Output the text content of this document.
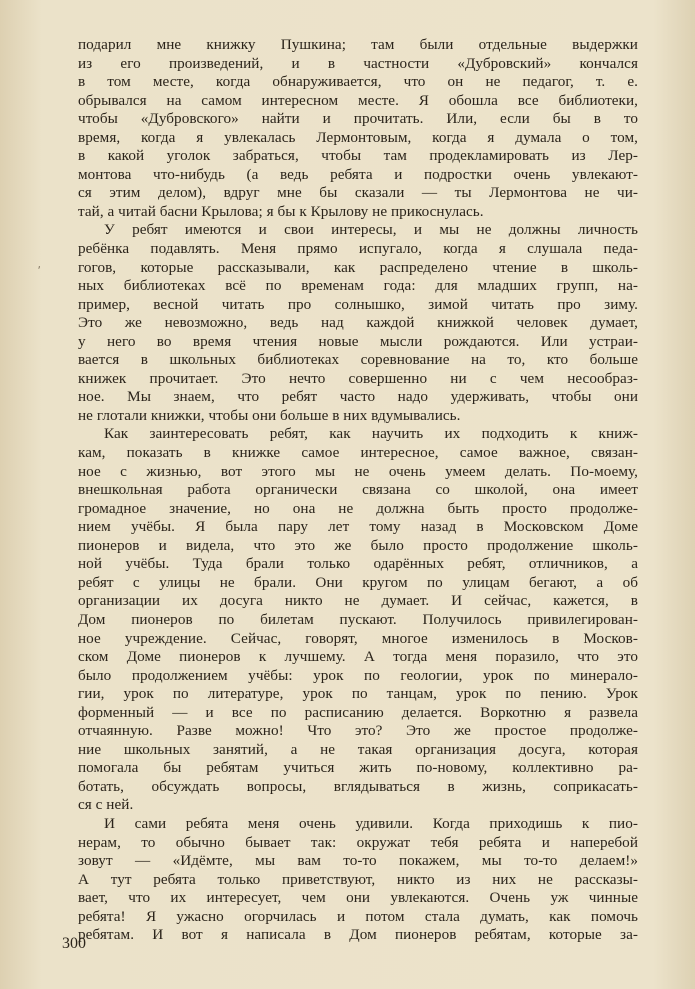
ʹ
подарил мне книжку Пушкина; там были отдельные выдержки
из его произведений, и в частности «Дубровский» кончался
в том месте, когда обнаруживается, что он не педагог, т. е.
обрывался на самом интересном месте. Я обошла все библиотеки,
чтобы «Дубровского» найти и прочитать. Или, если бы в то
время, когда я увлекалась Лермонтовым, когда я думала о том,
в какой уголок забраться, чтобы там продекламировать из Лер-
монтова что-нибудь (а ведь ребята и подростки очень увлекают-
ся этим делом), вдруг мне бы сказали — ты Лермонтова не чи-
тай, а читай басни Крылова; я бы к Крылову не прикоснулась.
У ребят имеются и свои интересы, и мы не должны личность
ребёнка подавлять. Меня прямо испугало, когда я слушала педа-
гогов, которые рассказывали, как распределено чтение в школь-
ных библиотеках всё по временам года: для младших групп, на-
пример, весной читать про солнышко, зимой читать про зиму.
Это же невозможно, ведь над каждой книжкой человек думает,
у него во время чтения новые мысли рождаются. Или устраи-
вается в школьных библиотеках соревнование на то, кто больше
книжек прочитает. Это нечто совершенно ни с чем несообраз-
ное. Мы знаем, что ребят часто надо удерживать, чтобы они
не глотали книжки, чтобы они больше в них вдумывались.
Как заинтересовать ребят, как научить их подходить к книж-
кам, показать в книжке самое интересное, самое важное, связан-
ное с жизнью, вот этого мы не очень умеем делать. По-моему,
внешкольная работа органически связана со школой, она имеет
громадное значение, но она не должна быть просто продолже-
нием учёбы. Я была пару лет тому назад в Московском Доме
пионеров и видела, что это же было просто продолжение школь-
ной учёбы. Туда брали только одарённых ребят, отличников, а
ребят с улицы не брали. Они кругом по улицам бегают, а об
организации их досуга никто не думает. И сейчас, кажется, в
Дом пионеров по билетам пускают. Получилось привилегирован-
ное учреждение. Сейчас, говорят, многое изменилось в Москов-
ском Доме пионеров к лучшему. А тогда меня поразило, что это
было продолжением учёбы: урок по геологии, урок по минерало-
гии, урок по литературе, урок по танцам, урок по пению. Урок
форменный — и все по расписанию делается. Воркотню я развела
отчаянную. Разве можно! Что это? Это же простое продолже-
ние школьных занятий, а не такая организация досуга, которая
помогала бы ребятам учиться жить по-новому, коллективно ра-
ботать, обсуждать вопросы, вглядываться в жизнь, соприкасать-
ся с ней.
И сами ребята меня очень удивили. Когда приходишь к пио-
нерам, то обычно бывает так: окружат тебя ребята и наперебой
зовут — «Идёмте, мы вам то-то покажем, мы то-то делаем!»
А тут ребята только приветствуют, никто из них не рассказы-
вает, что их интересует, чем они увлекаются. Очень уж чинные
ребята! Я ужасно огорчилась и потом стала думать, как помочь
ребятам. И вот я написала в Дом пионеров ребятам, которые за-
300
